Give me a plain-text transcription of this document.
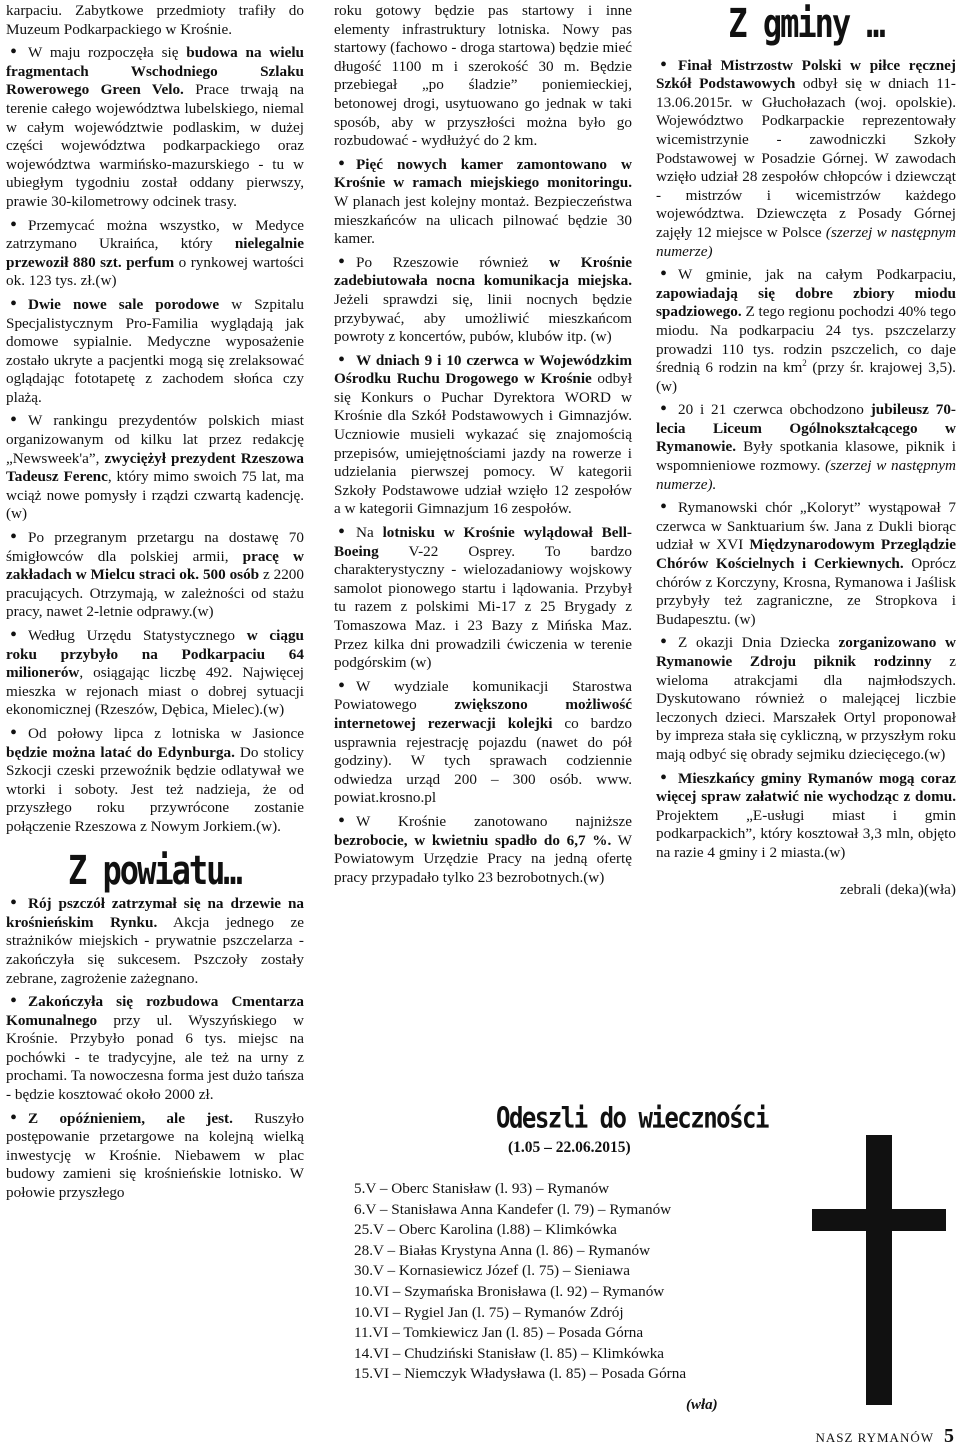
karpaciu. Zabytkowe przedmioty trafiły do Muzeum Podkarpackiego w Krośnie.

• W maju rozpoczęła się budowa na wielu fragmentach Wschodniego Szlaku Rowerowego Green Velo. Prace trwają na terenie całego województwa lubelskiego, niemal w całym województwie podlaskim, w dużej części województwa podkarpackiego oraz województwa warmińsko-mazurskiego - tu w ubiegłym tygodniu został oddany pierwszy, prawie 30-kilometrowy odcinek trasy.

• Przemycać można wszystko, w Medyce zatrzymano Ukraińca, który nielegalnie przewoził 880 szt. perfum o rynkowej wartości ok. 123 tys. zł.(w)

• Dwie nowe sale porodowe w Szpitalu Specjalistycznym Pro-Familia wyglądają jak domowe sypialnie. Medyczne wyposażenie zostało ukryte a pacjentki mogą się zrelaksować oglądając fototapetę z zachodem słońca czy plażą.

• W rankingu prezydentów polskich miast organizowanym od kilku lat przez redakcję „Newsweek'a”, zwyciężył prezydent Rzeszowa Tadeusz Ferenc, który mimo swoich 75 lat, ma wciąż nowe pomysły i rządzi czwartą kadencję.(w)

• Po przegranym przetargu na dostawę 70 śmigłowców dla polskiej armii, pracę w zakładach w Mielcu straci ok. 500 osób z 2200 pracujących. Otrzymają, w zależności od stażu pracy, nawet 2-letnie odprawy.(w)

• Według Urzędu Statystycznego w ciągu roku przybyło na Podkarpaciu 64 milionerów, osiągając liczbę 492. Najwięcej mieszka w rejonach miast o dobrej sytuacji ekonomicznej (Rzeszów, Dębica, Mielec).(w)

• Od połowy lipca z lotniska w Jasionce będzie można latać do Edynburga. Do stolicy Szkocji czeski przewoźnik będzie odlatywał we wtorki i soboty. Jest też nadzieja, że od przyszłego roku przywrócone zostanie połączenie Rzeszowa z Nowym Jorkiem.(w).

Z powiatu…

• Rój pszczół zatrzymał się na drzewie na krośnieńskim Rynku. Akcja jednego ze strażników miejskich - prywatnie pszczelarza - zakończyła się sukcesem. Pszczoły zostały zebrane, zagrożenie zażegnano.

• Zakończyła się rozbudowa Cmentarza Komunalnego przy ul. Wyszyńskiego w Krośnie. Przybyło ponad 6 tys. miejsc na pochówki - te tradycyjne, ale też na urny z prochami. Ta nowoczesna forma jest dużo tańsza - będzie kosztować około 2000 zł.

• Z opóźnieniem, ale jest. Ruszyło postępowanie przetargowe na kolejną wielką inwestycję w Krośnie. Niebawem w plac budowy zamieni się krośnieńskie lotnisko. W połowie przyszłego

roku gotowy będzie pas startowy i inne elementy infrastruktury lotniska. Nowy pas startowy (fachowo - droga startowa) będzie mieć długość 1100 m i szerokość 30 m. Będzie przebiegał „po śladzie” poniemieckiej, betonowej drogi, usytuowano go jednak w taki sposób, aby w przyszłości można było go rozbudować - wydłużyć do 2 km.

• Pięć nowych kamer zamontowano w Krośnie w ramach miejskiego monitoringu. W planach jest kolejny montaż. Bezpieczeństwa mieszkańców na ulicach pilnować będzie 30 kamer.

• Po Rzeszowie również w Krośnie zadebiutowała nocna komunikacja miejska. Jeżeli sprawdzi się, linii nocnych będzie przybywać, aby umożliwić mieszkańcom powroty z koncertów, pubów, klubów itp. (w)

• W dniach 9 i 10 czerwca w Wojewódzkim Ośrodku Ruchu Drogowego w Krośnie odbył się Konkurs o Puchar Dyrektora WORD w Krośnie dla Szkół Podstawowych i Gimnazjów. Uczniowie musieli wykazać się znajomością przepisów, umiejętnościami jazdy na rowerze i udzielania pierwszej pomocy. W kategorii Szkoły Podstawowe udział wzięło 12 zespołów a w kategorii Gimnazjum 16 zespołów.

• Na lotnisku w Krośnie wylądował Bell-Boeing V-22 Osprey. To bardzo charakterystyczny - wielozadaniowy wojskowy samolot pionowego startu i lądowania. Przybył tu razem z polskimi Mi-17 z 25 Brygady z Tomaszowa Maz. i 23 Bazy z Mińska Maz. Przez kilka dni prowadzili ćwiczenia w terenie podgórskim (w)

• W wydziale komunikacji Starostwa Powiatowego zwiększono możliwość internetowej rezerwacji kolejki co bardzo usprawnia rejestrację pojazdu (nawet do pół godziny). W tych sprawach codziennie odwiedza urząd 200 – 300 osób. www. powiat.krosno.pl

• W Krośnie zanotowano najniższe bezrobocie, w kwietniu spadło do 6,7 %. W Powiatowym Urzędzie Pracy na jedną ofertę pracy przypadało tylko 23 bezrobotnych.(w)

Z gminy …

• Finał Mistrzostw Polski w piłce ręcznej Szkół Podstawowych odbył się w dniach 11-13.06.2015r. w Głuchołazach (woj. opolskie). Województwo Podkarpackie reprezentowały wicemistrzynie - zawodniczki Szkoły Podstawowej w Posadzie Górnej. W zawodach wzięło udział 28 zespołów chłopców i dziewcząt - mistrzów i wicemistrzów każdego województwa. Dziewczęta z Posady Górnej zajęły 12 miejsce w Polsce (szerzej w następnym numerze)

• W gminie, jak na całym Podkarpaciu, zapowiadają się dobre zbiory miodu spadziowego. Z tego regionu pochodzi 40% tego miodu. Na podkarpaciu 24 tys. pszczelarzy prowadzi 110 tys. rodzin pszczelich, co daje średnią 6 rodzin na $km^2$ (przy śr. krajowej 3,5). (w)

• 20 i 21 czerwca obchodzono jubileusz 70-lecia Liceum Ogólnokształcącego w Rymanowie. Były spotkania klasowe, piknik i wspomnieniowe rozmowy. (szerzej w następnym numerze).

• Rymanowski chór „Koloryt” wystąpował 7 czerwca w Sanktuarium św. Jana z Dukli biorąc udział w XVI Międzynarodowym Przeglądzie Chórów Kościelnych i Cerkiewnych. Oprócz chórów z Korczyny, Krosna, Rymanowa i Jaślisk przybyły też zagraniczne, ze Stropkova i Budapesztu. (w)

• Z okazji Dnia Dziecka zorganizowano w Rymanowie Zdroju piknik rodzinny z wieloma atrakcjami dla najmłodszych. Dyskutowano również o malejącej liczbie leczonych dzieci. Marszałek Ortyl proponował by impreza stała się cykliczną, w przyszłym roku mają odbyć się obrady sejmiku dziecięcego.(w)

• Mieszkańcy gminy Rymanów mogą coraz więcej spraw załatwić nie wychodząc z domu. Projektem „E-usługi miast i gmin podkarpackich”, który kosztował 3,3 mln, objęto na razie 4 gminy i 2 miasta.(w)

zebrali (deka)(wła)

Odeszli do wieczności
(1.05 – 22.06.2015)
5.V – Oberc Stanisław (l. 93) – Rymanów
6.V – Stanisława Anna Kandefer (l. 79) – Rymanów
25.V – Oberc Karolina (l.88) – Klimkówka
28.V – Białas Krystyna Anna (l. 86) – Rymanów
30.V – Kornasiewicz Józef (l. 75) – Sieniawa
10.VI – Szymańska Bronisława (l. 92) – Rymanów
10.VI – Rygiel Jan (l. 75) – Rymanów Zdrój
11.VI – Tomkiewicz Jan (l. 85) – Posada Górna
14.VI – Chudziński Stanisław (l. 85) – Klimkówka
15.VI – Niemczyk Władysława (l. 85) – Posada Górna
(wła)
NASZ RYMANÓW 5
